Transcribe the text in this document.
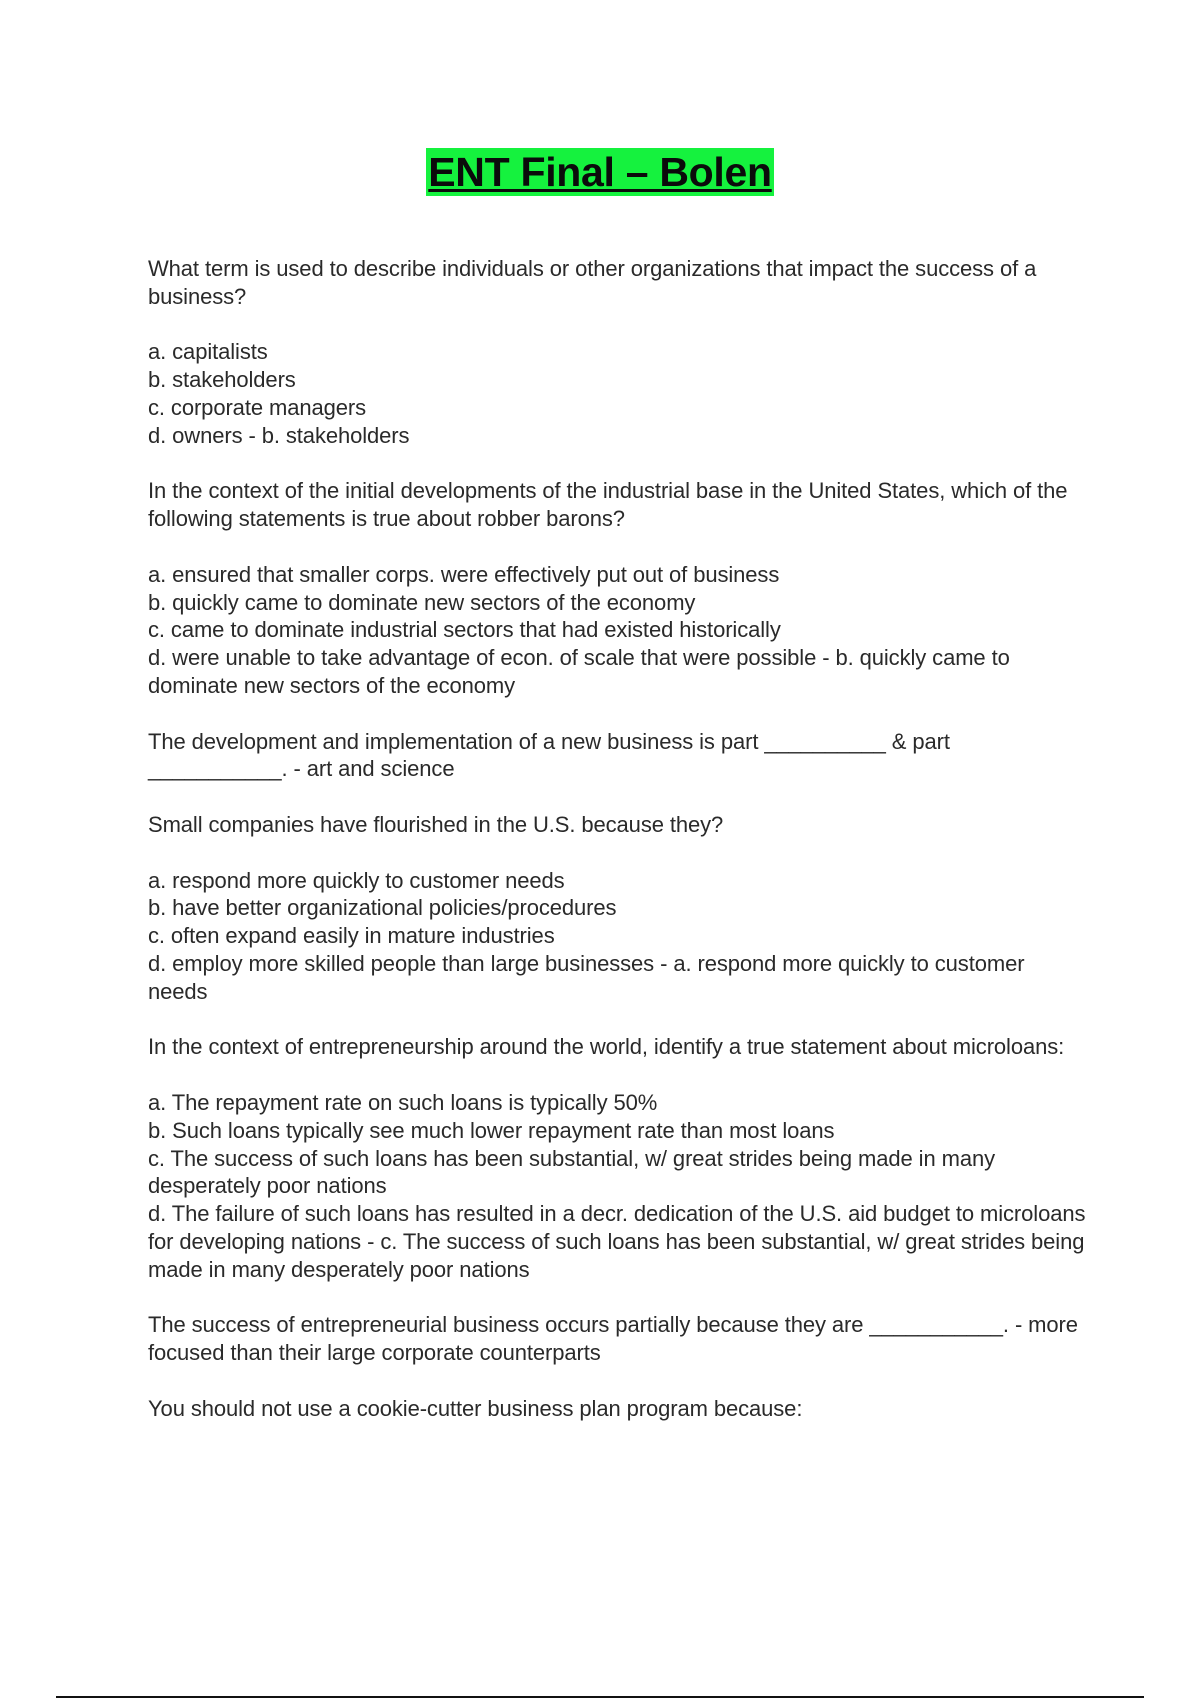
ENT Final – Bolen

What term is used to describe individuals or other organizations that impact the success of a business?

a. capitalists
b. stakeholders
c. corporate managers
d. owners - b. stakeholders

In the context of the initial developments of the industrial base in the United States, which of the following statements is true about robber barons?

a. ensured that smaller corps. were effectively put out of business
b. quickly came to dominate new sectors of the economy
c. came to dominate industrial sectors that had existed historically
d. were unable to take advantage of econ. of scale that were possible - b. quickly came to dominate new sectors of the economy

The development and implementation of a new business is part __________ & part ___________. - art and science

Small companies have flourished in the U.S. because they?

a. respond more quickly to customer needs
b. have better organizational policies/procedures
c. often expand easily in mature industries
d. employ more skilled people than large businesses - a. respond more quickly to customer needs

In the context of entrepreneurship around the world, identify a true statement about microloans:

a. The repayment rate on such loans is typically 50%
b. Such loans typically see much lower repayment rate than most loans
c. The success of such loans has been substantial, w/ great strides being made in many desperately poor nations
d. The failure of such loans has resulted in a decr. dedication of the U.S. aid budget to microloans for developing nations - c. The success of such loans has been substantial, w/ great strides being made in many desperately poor nations

The success of entrepreneurial business occurs partially because they are ___________. - more focused than their large corporate counterparts

You should not use a cookie-cutter business plan program because:
